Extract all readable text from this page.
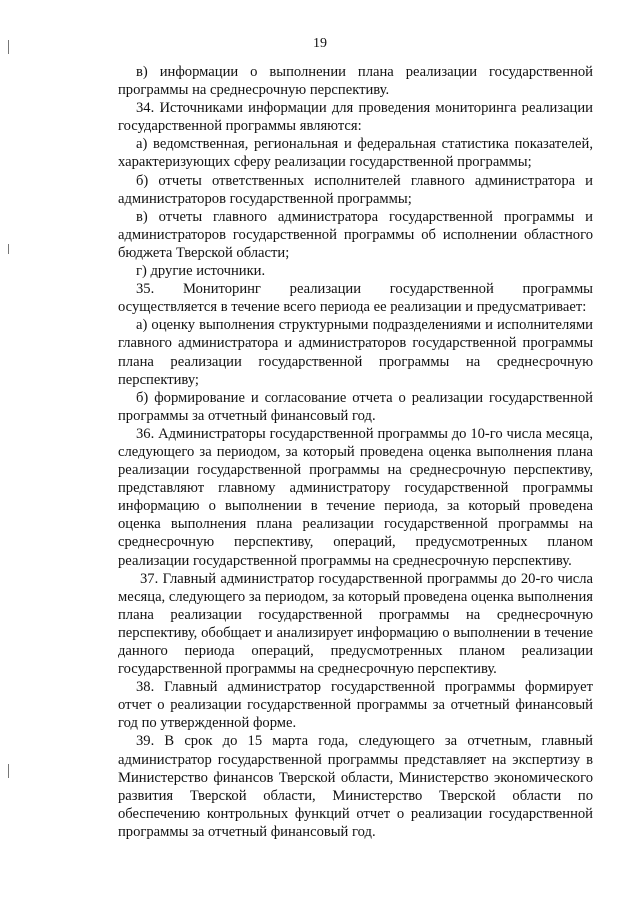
19

в) информации о выполнении плана реализации государственной программы на среднесрочную перспективу.

34. Источниками информации для проведения мониторинга реализации государственной программы являются:

а) ведомственная, региональная и федеральная статистика показателей, характеризующих сферу реализации государственной программы;

б) отчеты ответственных исполнителей главного администратора и администраторов государственной программы;

в) отчеты главного администратора государственной программы и администраторов государственной программы об исполнении областного бюджета Тверской области;

г) другие источники.

35. Мониторинг реализации государственной программы осуществляется в течение всего периода ее реализации и предусматривает:

а) оценку выполнения структурными подразделениями и исполнителями главного администратора и администраторов государственной программы плана реализации государственной программы на среднесрочную перспективу;

б) формирование и согласование отчета о реализации государственной программы за отчетный финансовый год.

36. Администраторы государственной программы до 10-го числа месяца, следующего за периодом, за который проведена оценка выполнения плана реализации государственной программы на среднесрочную перспективу, представляют главному администратору государственной программы информацию о выполнении в течение периода, за который проведена оценка выполнения плана реализации государственной программы на среднесрочную перспективу, операций, предусмотренных планом реализации государственной программы на среднесрочную перспективу.

37. Главный администратор государственной программы до 20-го числа месяца, следующего за периодом, за который проведена оценка выполнения плана реализации государственной программы на среднесрочную перспективу, обобщает и анализирует информацию о выполнении в течение данного периода операций, предусмотренных планом реализации государственной программы на среднесрочную перспективу.

38. Главный администратор государственной программы формирует отчет о реализации государственной программы за отчетный финансовый год по утвержденной форме.

39. В срок до 15 марта года, следующего за отчетным, главный администратор государственной программы представляет на экспертизу в Министерство финансов Тверской области, Министерство экономического развития Тверской области, Министерство Тверской области по обеспечению контрольных функций отчет о реализации государственной программы за отчетный финансовый год.
